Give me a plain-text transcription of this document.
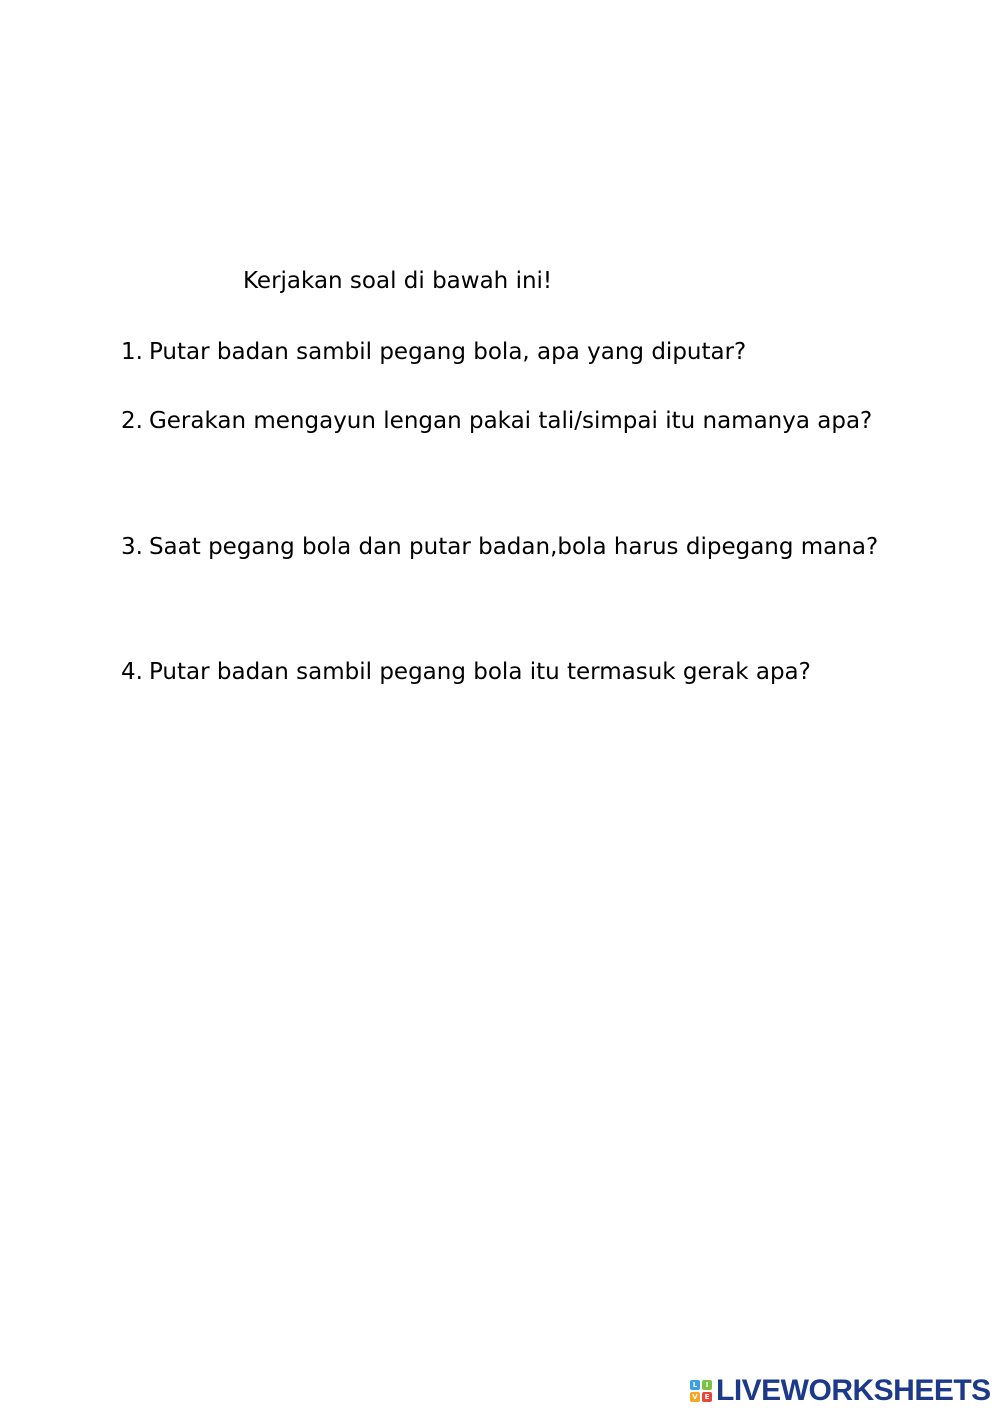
Kerjakan soal di bawah ini!
1. Putar badan sambil pegang bola, apa yang diputar?
2. Gerakan mengayun lengan pakai tali/simpai itu namanya apa?
3. Saat pegang bola dan putar badan,bola harus dipegang mana?
4. Putar badan sambil pegang bola itu termasuk gerak apa?
L	I
V E LIVEWORKSHEETS
